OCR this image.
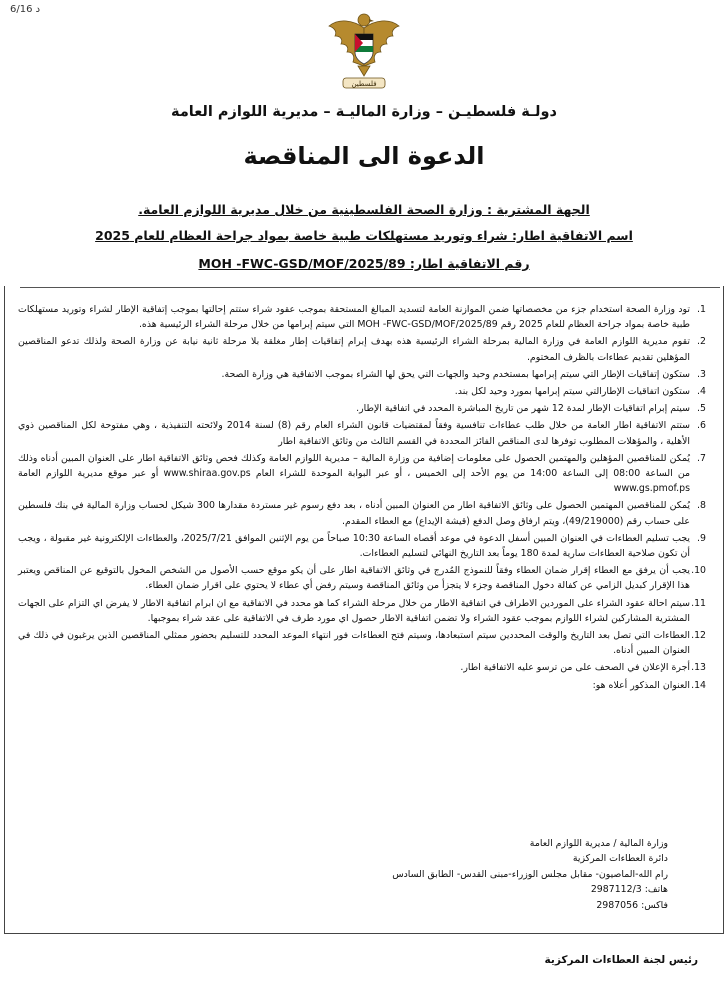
6/16 د
فلسطين
دولـة فلسطيـن – وزارة الماليـة – مديرية اللوازم العامة
الدعوة الى المناقصة
الجهة المشترية : وزارة الصحة الفلسطينية من خلال مديرية اللوازم العامة.
اسم الاتفاقية اطار: شراء وتوريد مستهلكات طبية خاصة بمواد جراحة العظام للعام 2025
رقم الاتفاقية اطار: MOH -FWC-GSD/MOF/2025/89
1.
تود وزارة الصحة استخدام جزء من مخصصاتها ضمن الموازنة العامة لتسديد المبالغ المستحقة بموجب عقود شراء ستتم إحالتها بموجب إتفاقية الإطار لشراء وتوريد مستهلكات طبية خاصة بمواد جراحة العظام للعام 2025 رقم MOH -FWC-GSD/MOF/2025/89 التي سيتم إبرامها من خلال مرحلة الشراء الرئيسية هذه.
2.
تقوم مديرية اللوازم العامة في وزارة المالية بمرحلة الشراء الرئيسية هذه بهدف إبرام إتفاقيات إطار مغلقة بلا مرحلة ثانية نيابة عن وزارة الصحة ولذلك تدعو المناقصين المؤهلين تقديم عطاءات بالظرف المختوم.
3.
ستكون إتفاقيات الإطار التي سيتم إبرامها بمستخدم وحيد والجهات التي يحق لها الشراء بموجب الاتفاقية هي وزارة الصحة.
4.
ستكون اتفاقيات الإطارالتي سيتم إبرامها بمورد وحيد لكل بند.
5.
سيتم إبرام اتفاقيات الإطار لمدة 12 شهر من تاريخ المباشرة المحدد في اتفاقية الإطار.
6.
ستتم الاتفاقية اطار العامة من خلال طلب عطاءات تنافسية وفقاً لمقتضيات قانون الشراء العام رقم (8) لسنة 2014 ولائحته التنفيذية ، وهي مفتوحة لكل المناقصين ذوي الأهلية ، والمؤهلات المطلوب توفرها لدى المناقص الفائز المحددة في القسم الثالث من وثائق الاتفاقية اطار
7.
يُمكن للمناقصين المؤهلين والمهتمين الحصول على معلومات إضافية من وزارة المالية – مديرية اللوازم العامة وكذلك فحص وثائق الاتفاقية اطار على العنوان المبين أدناه وذلك من الساعة 08:00 إلى الساعة 14:00 من يوم الأحد إلى الخميس ، أو عبر البوابة الموحدة للشراء العام www.shiraa.gov.ps أو عبر موقع مديرية اللوازم العامة www.gs.pmof.ps
8.
يُمكن للمناقصين المهتمين الحصول على وثائق الاتفاقية اطار من العنوان المبين أدناه ، بعد دفع رسوم غير مستردة مقدارها 300 شيكل لحساب وزارة المالية في بنك فلسطين على حساب رقم (49/219000)، ويتم ارفاق وصل الدفع (قيشة الإيداع) مع العطاء المقدم.
9.
يجب تسليم العطاءات في العنوان المبين أسفل الدعوة في موعد أقصاه الساعة 10:30 صباحاً من يوم الإثنين الموافق 2025/7/21، والعطاءات الإلكترونية غير مقبولة ، ويجب أن تكون صلاحية العطاءات سارية لمدة 180 يوماً بعد التاريخ النهائي لتسليم العطاءات.
10.
يجب أن يرفق مع العطاء إقرار ضمان العطاء وفقاً للنموذج المُدرج في وثائق الاتفاقية اطار على أن يكو موقع حسب الأصول من الشخص المخول بالتوقيع عن المناقص ويعتبر هذا الإقرار كبديل الزامي عن كفالة دخول المناقصة وجزء لا يتجزأ من وثائق المناقصة وسيتم رفض أي عطاء لا يحتوي على اقرار ضمان العطاء.
11.
سيتم احالة عقود الشراء على الموردين الاطراف في اتفاقية الاطار من خلال مرحلة الشراء كما هو محدد في الاتفاقية مع ان ابرام اتفاقية الاطار لا يفرض اي التزام على الجهات المشترية المشاركين لشراء اللوازم بموجب عقود الشراء ولا تضمن اتفاقية الاطار حصول اي مورد طرف في الاتفاقية على عقد شراء بموجبها.
12.
العطاءات التي تصل بعد التاريخ والوقت المحددين سيتم استبعادها، وسيتم فتح العطاءات فور انتهاء الموعد المحدد للتسليم بحضور ممثلي المناقصين الذين يرغبون في ذلك في العنوان المبين أدناه.
13.
أجرة الإعلان في الصحف على من ترسو عليه الاتفاقية اطار.
14.
العنوان المذكور أعلاه هو:
وزارة المالية / مديرية اللوازم العامة
دائرة العطاءات المركزية
رام الله-الماصيون- مقابل مجلس الوزراء-مبنى القدس- الطابق السادس
هاتف: 2987112/3
فاكس: 2987056
رئيس لجنة العطاءات المركزية
